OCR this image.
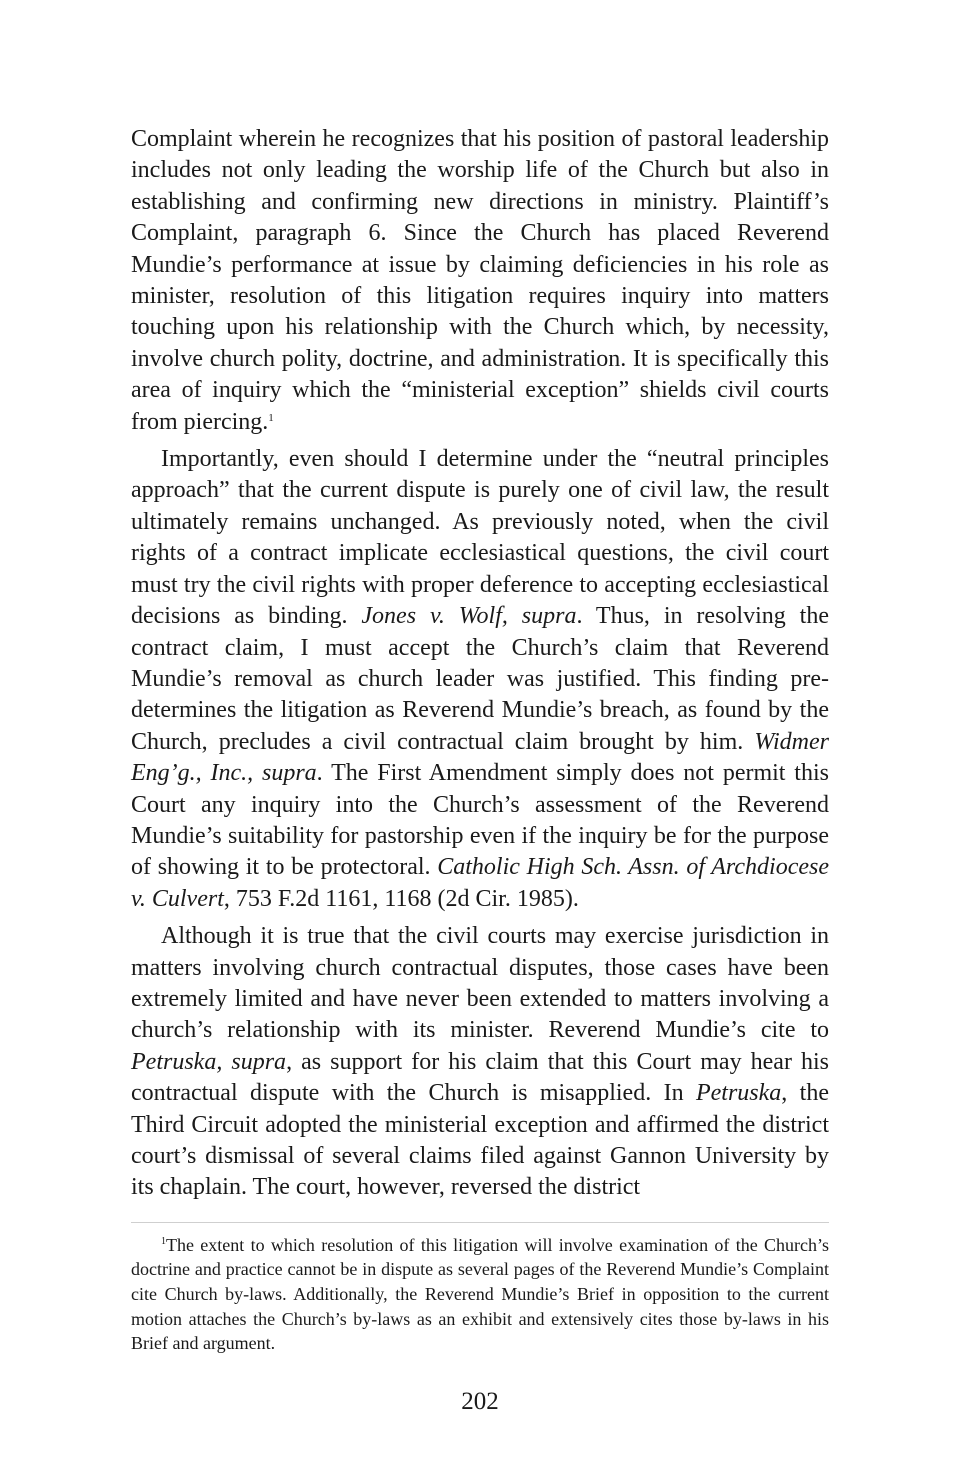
Complaint wherein he recognizes that his position of pastoral leadership includes not only leading the worship life of the Church but also in establishing and confirming new directions in ministry. Plaintiff’s Complaint, paragraph 6. Since the Church has placed Reverend Mundie’s performance at issue by claiming deficiencies in his role as minister, resolution of this litigation requires inquiry into matters touching upon his relationship with the Church which, by necessity, involve church polity, doctrine, and administration. It is specifically this area of inquiry which the “ministerial exception” shields civil courts from piercing.$^1$

Importantly, even should I determine under the “neutral principles approach” that the current dispute is purely one of civil law, the result ultimately remains unchanged. As previously noted, when the civil rights of a contract implicate ecclesiastical questions, the civil court must try the civil rights with proper deference to accepting ecclesiastical decisions as binding. Jones v. Wolf, supra. Thus, in resolving the contract claim, I must accept the Church’s claim that Reverend Mundie’s removal as church leader was justified. This finding predetermines the litigation as Reverend Mundie’s breach, as found by the Church, precludes a civil contractual claim brought by him. Widmer Eng’g., Inc., supra. The First Amendment simply does not permit this Court any inquiry into the Church’s assessment of the Reverend Mundie’s suitability for pastorship even if the inquiry be for the purpose of showing it to be protectoral. Catholic High Sch. Assn. of Archdiocese v. Culvert, 753 F.2d 1161, 1168 (2d Cir. 1985).

Although it is true that the civil courts may exercise jurisdiction in matters involving church contractual disputes, those cases have been extremely limited and have never been extended to matters involving a church’s relationship with its minister. Reverend Mundie’s cite to Petruska, supra, as support for his claim that this Court may hear his contractual dispute with the Church is misapplied. In Petruska, the Third Circuit adopted the ministerial exception and affirmed the district court’s dismissal of several claims filed against Gannon University by its chaplain. The court, however, reversed the district

$^1$The extent to which resolution of this litigation will involve examination of the Church’s doctrine and practice cannot be in dispute as several pages of the Reverend Mundie’s Complaint cite Church by-laws. Additionally, the Reverend Mundie’s Brief in opposition to the current motion attaches the Church’s by-laws as an exhibit and extensively cites those by-laws in his Brief and argument.

202
